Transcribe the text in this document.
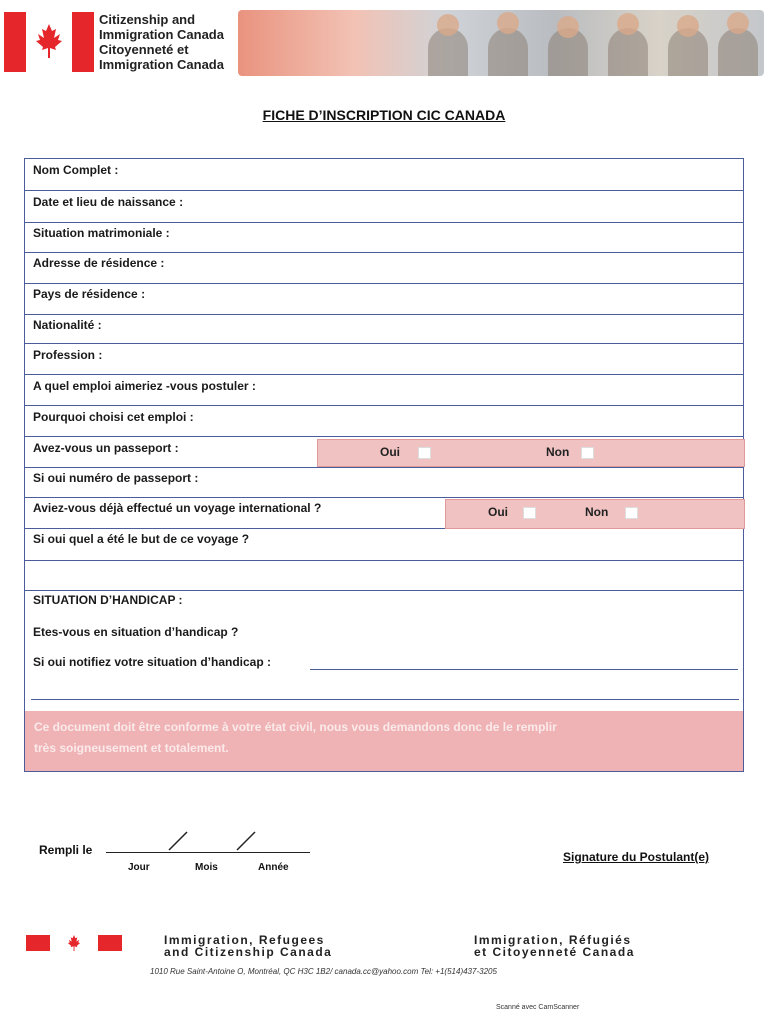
Citizenship and
Immigration Canada
Citoyenneté et
Immigration Canada
FICHE D’INSCRIPTION CIC CANADA
Nom Complet :
Date et lieu de naissance :
Situation matrimoniale :
Adresse de résidence :
Pays de résidence :
Nationalité :
Profession :
A quel emploi aimeriez -vous postuler :
Pourquoi choisi cet emploi :
Avez-vous un passeport :	Oui	Non
Si oui numéro de passeport :
Aviez-vous déjà effectué un voyage international ?	Oui	Non
Si oui quel a été le but de ce voyage ?
SITUATION D’HANDICAP :
Etes-vous en situation d’handicap ?
Si oui notifiez votre situation d’handicap :
Ce document doit être conforme à votre état civil, nous vous demandons donc de le remplir
très soigneusement et totalement.
Rempli le
Jour	Mois	Année
Signature du Postulant(e)
Immigration, Refugees
and Citizenship Canada
Immigration, Réfugiés
et Citoyenneté Canada
1010 Rue Saint-Antoine O, Montréal, QC H3C 1B2/ canada.cc@yahoo.com Tel: +1(514)437-3205
Scanné avec CamScanner
